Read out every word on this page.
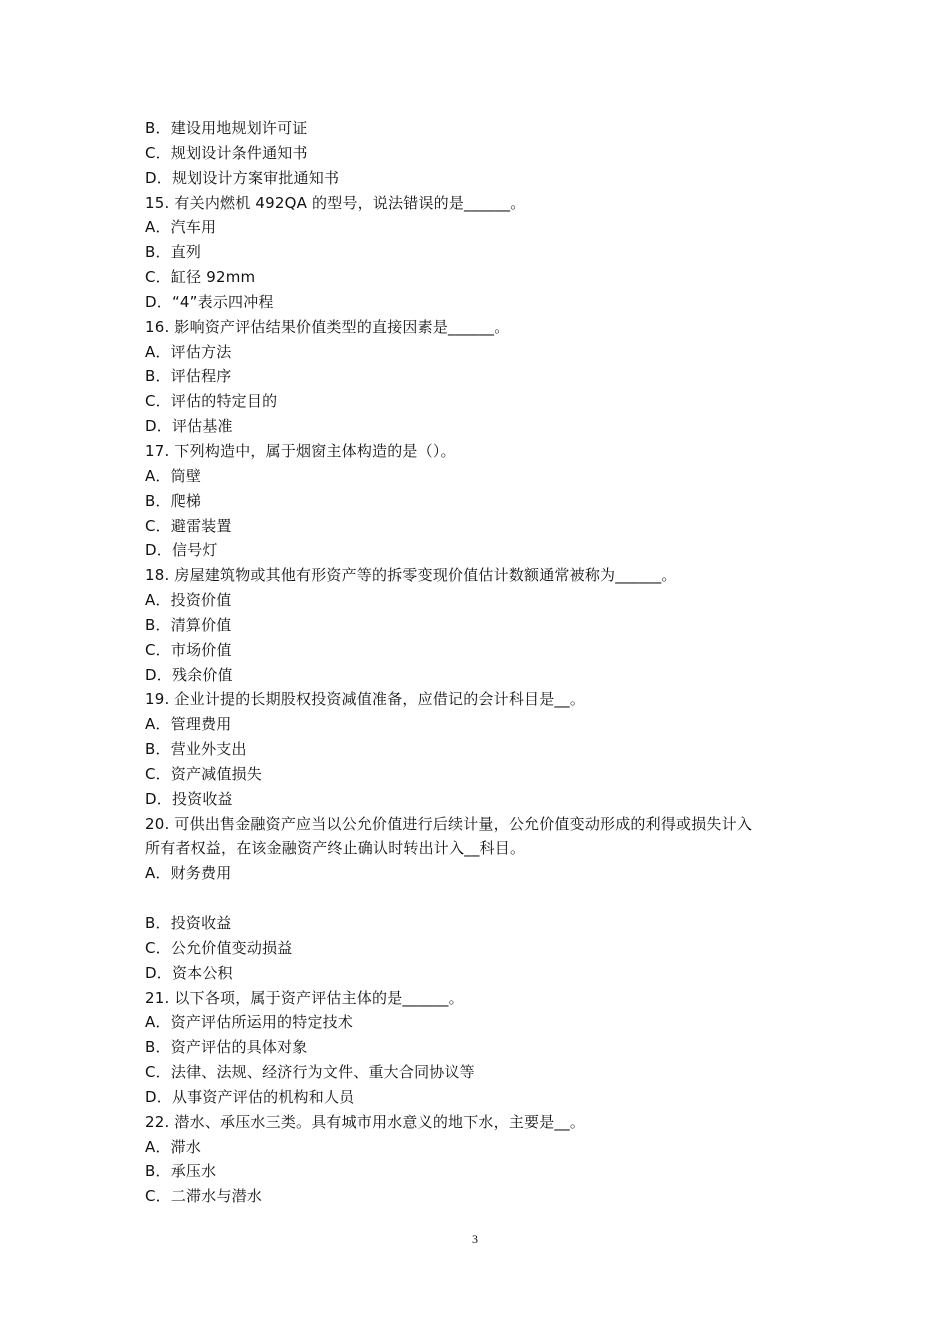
B．建设用地规划许可证
C．规划设计条件通知书
D．规划设计方案审批通知书
15. 有关内燃机 492QA 的型号，说法错误的是______。
A．汽车用
B．直列
C．缸径 92mm
D．“4”表示四冲程
16. 影响资产评估结果价值类型的直接因素是______。
A．评估方法
B．评估程序
C．评估的特定目的
D．评估基准
17. 下列构造中，属于烟窗主体构造的是（）。
A．筒壁
B．爬梯
C．避雷装置
D．信号灯
18. 房屋建筑物或其他有形资产等的拆零变现价值估计数额通常被称为______。
A．投资价值
B．清算价值
C．市场价值
D．残余价值
19. 企业计提的长期股权投资减值准备，应借记的会计科目是__。
A．管理费用
B．营业外支出
C．资产减值损失
D．投资收益
20. 可供出售金融资产应当以公允价值进行后续计量，公允价值变动形成的利得或损失计入
所有者权益，在该金融资产终止确认时转出计入__科目。
A．财务费用
B．投资收益
C．公允价值变动损益
D．资本公积
21. 以下各项，属于资产评估主体的是______。
A．资产评估所运用的特定技术
B．资产评估的具体对象
C．法律、法规、经济行为文件、重大合同协议等
D．从事资产评估的机构和人员
22. 潜水、承压水三类。具有城市用水意义的地下水，主要是__。
A．滞水
B．承压水
C．二滞水与潜水
3
